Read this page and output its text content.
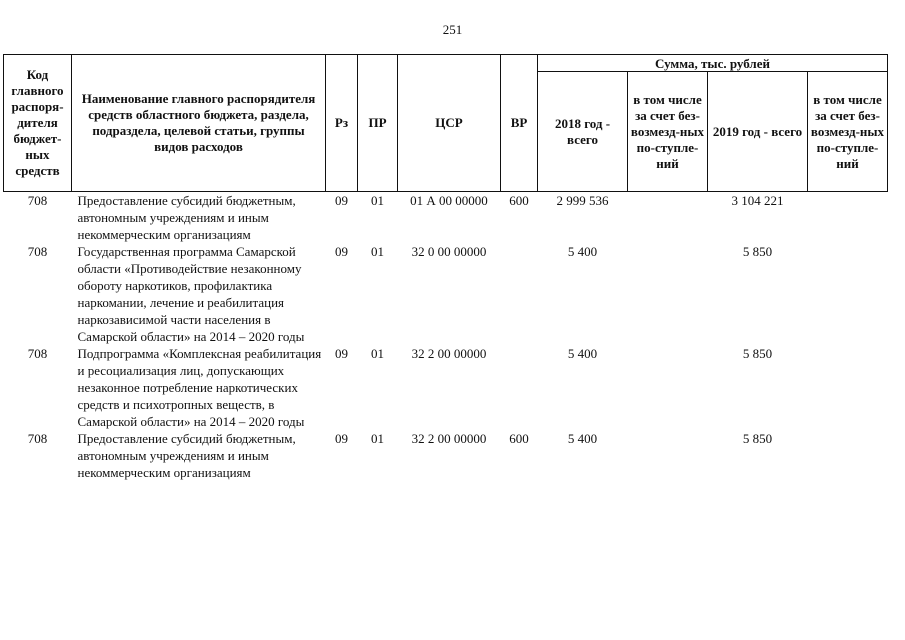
251
Код главного распоря-дителя бюджет-ных средств	Наименование главного распорядителя средств областного бюджета, раздела, подраздела, целевой статьи, группы видов расходов	Рз	ПР	ЦСР	ВР	Сумма, тыс. рублей			
						2018 год - всего	в том числе за счет без-возмезд-ных по-ступле-ний	2019 год - всего	в том числе за счет без-возмезд-ных по-ступле-ний
708	Предоставление субсидий бюджетным, автономным учреждениям и иным некоммерческим организациям	09	01	01 А 00 00000	600	2 999 536		3 104 221	
708	Государственная программа Самарской области «Противодействие незаконному обороту наркотиков, профилактика наркомании, лечение и реабилитация наркозависимой части населения в Самарской области» на 2014 – 2020 годы	09	01	32 0 00 00000		5 400		5 850	
708	Подпрограмма «Комплексная реабилитация и ресоциализация лиц, допускающих незаконное потребление наркотических средств и психотропных веществ, в Самарской области» на 2014 – 2020 годы	09	01	32 2 00 00000		5 400		5 850	
708	Предоставление субсидий бюджетным, автономным учреждениям и иным некоммерческим организациям	09	01	32 2 00 00000	600	5 400		5 850	
